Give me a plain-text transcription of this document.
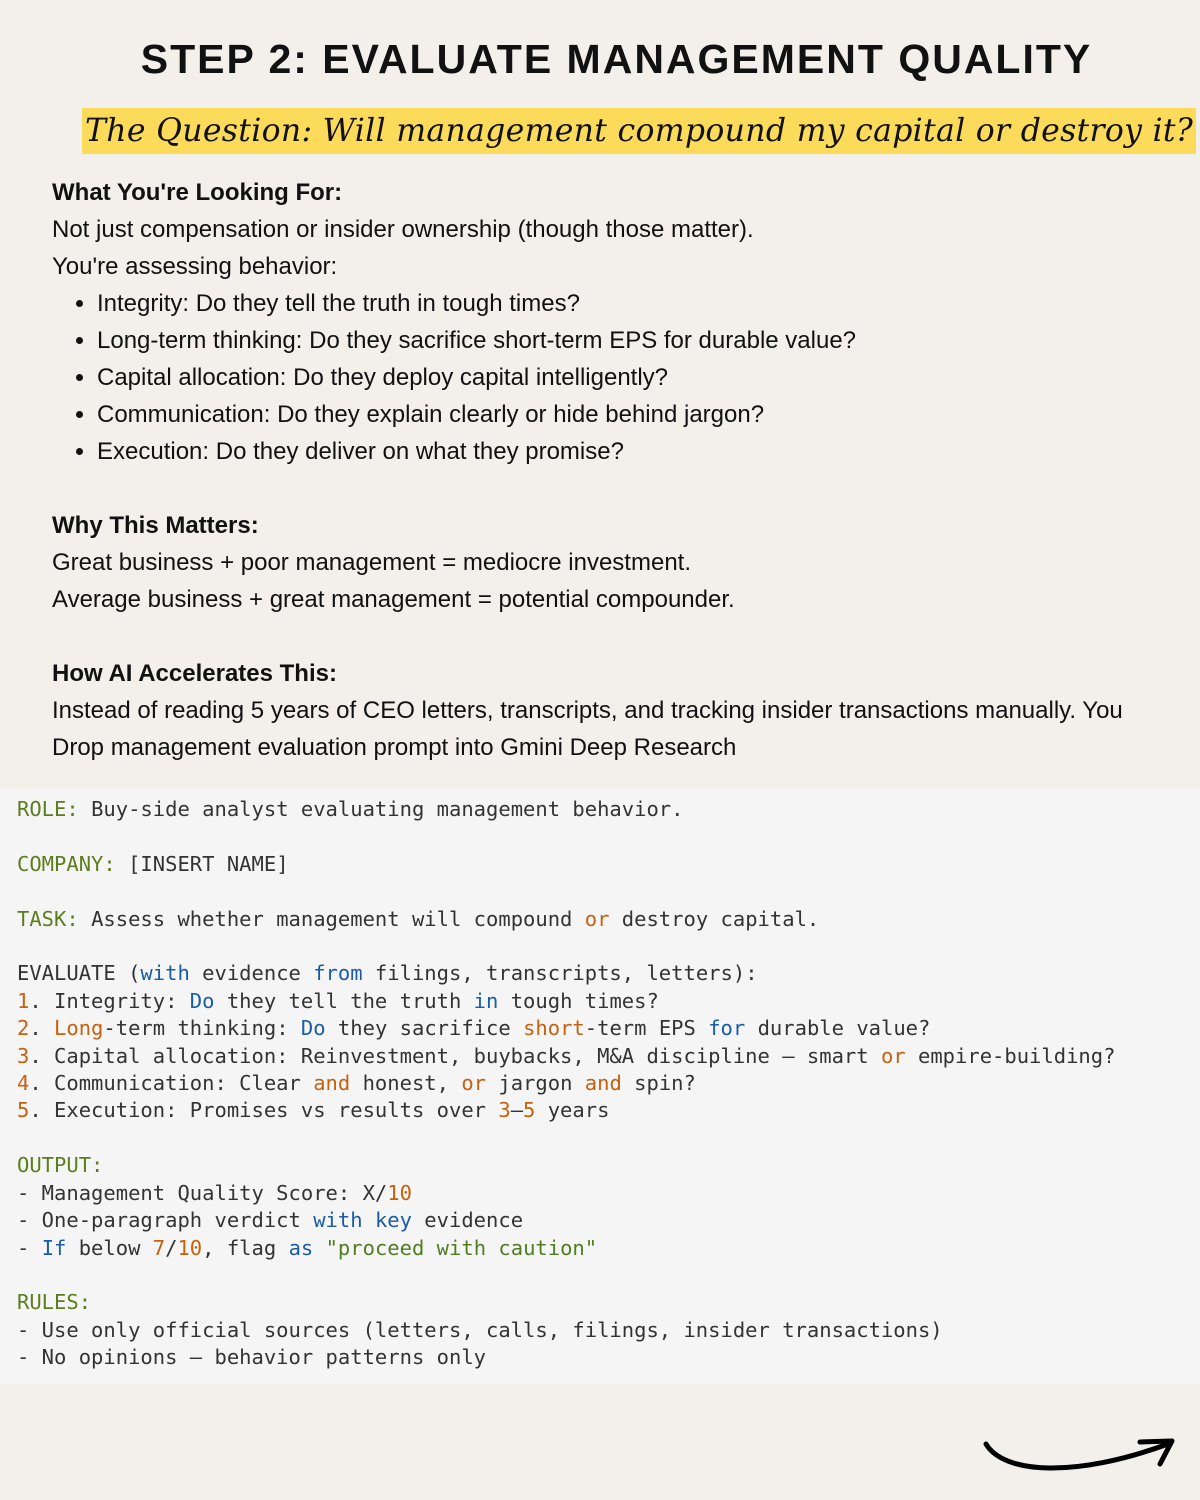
STEP 2: EVALUATE MANAGEMENT QUALITY
The Question: Will management compound my capital or destroy it?

What You're Looking For:

Not just compensation or insider ownership (though those matter).

You're assessing behavior:

• Integrity: Do they tell the truth in tough times?
• Long-term thinking: Do they sacrifice short-term EPS for durable value?
• Capital allocation: Do they deploy capital intelligently?
• Communication: Do they explain clearly or hide behind jargon?
• Execution: Do they deliver on what they promise?

Why This Matters:

Great business + poor management = mediocre investment.

Average business + great management = potential compounder.

How AI Accelerates This:

Instead of reading 5 years of CEO letters, transcripts, and tracking insider transactions manually. You Drop management evaluation prompt into Gmini Deep Research

ROLE: Buy-side analyst evaluating management behavior.

COMPANY: [INSERT NAME]

TASK: Assess whether management will compound or destroy capital.

EVALUATE (with evidence from filings, transcripts, letters):
1. Integrity: Do they tell the truth in tough times?
2. Long-term thinking: Do they sacrifice short-term EPS for durable value?
3. Capital allocation: Reinvestment, buybacks, M&A discipline — smart or empire-building?
4. Communication: Clear and honest, or jargon and spin?
5. Execution: Promises vs results over 3–5 years

OUTPUT:
- Management Quality Score: X/10
- One-paragraph verdict with key evidence
- If below 7/10, flag as "proceed with caution"

RULES:
- Use only official sources (letters, calls, filings, insider transactions)
- No opinions — behavior patterns only
